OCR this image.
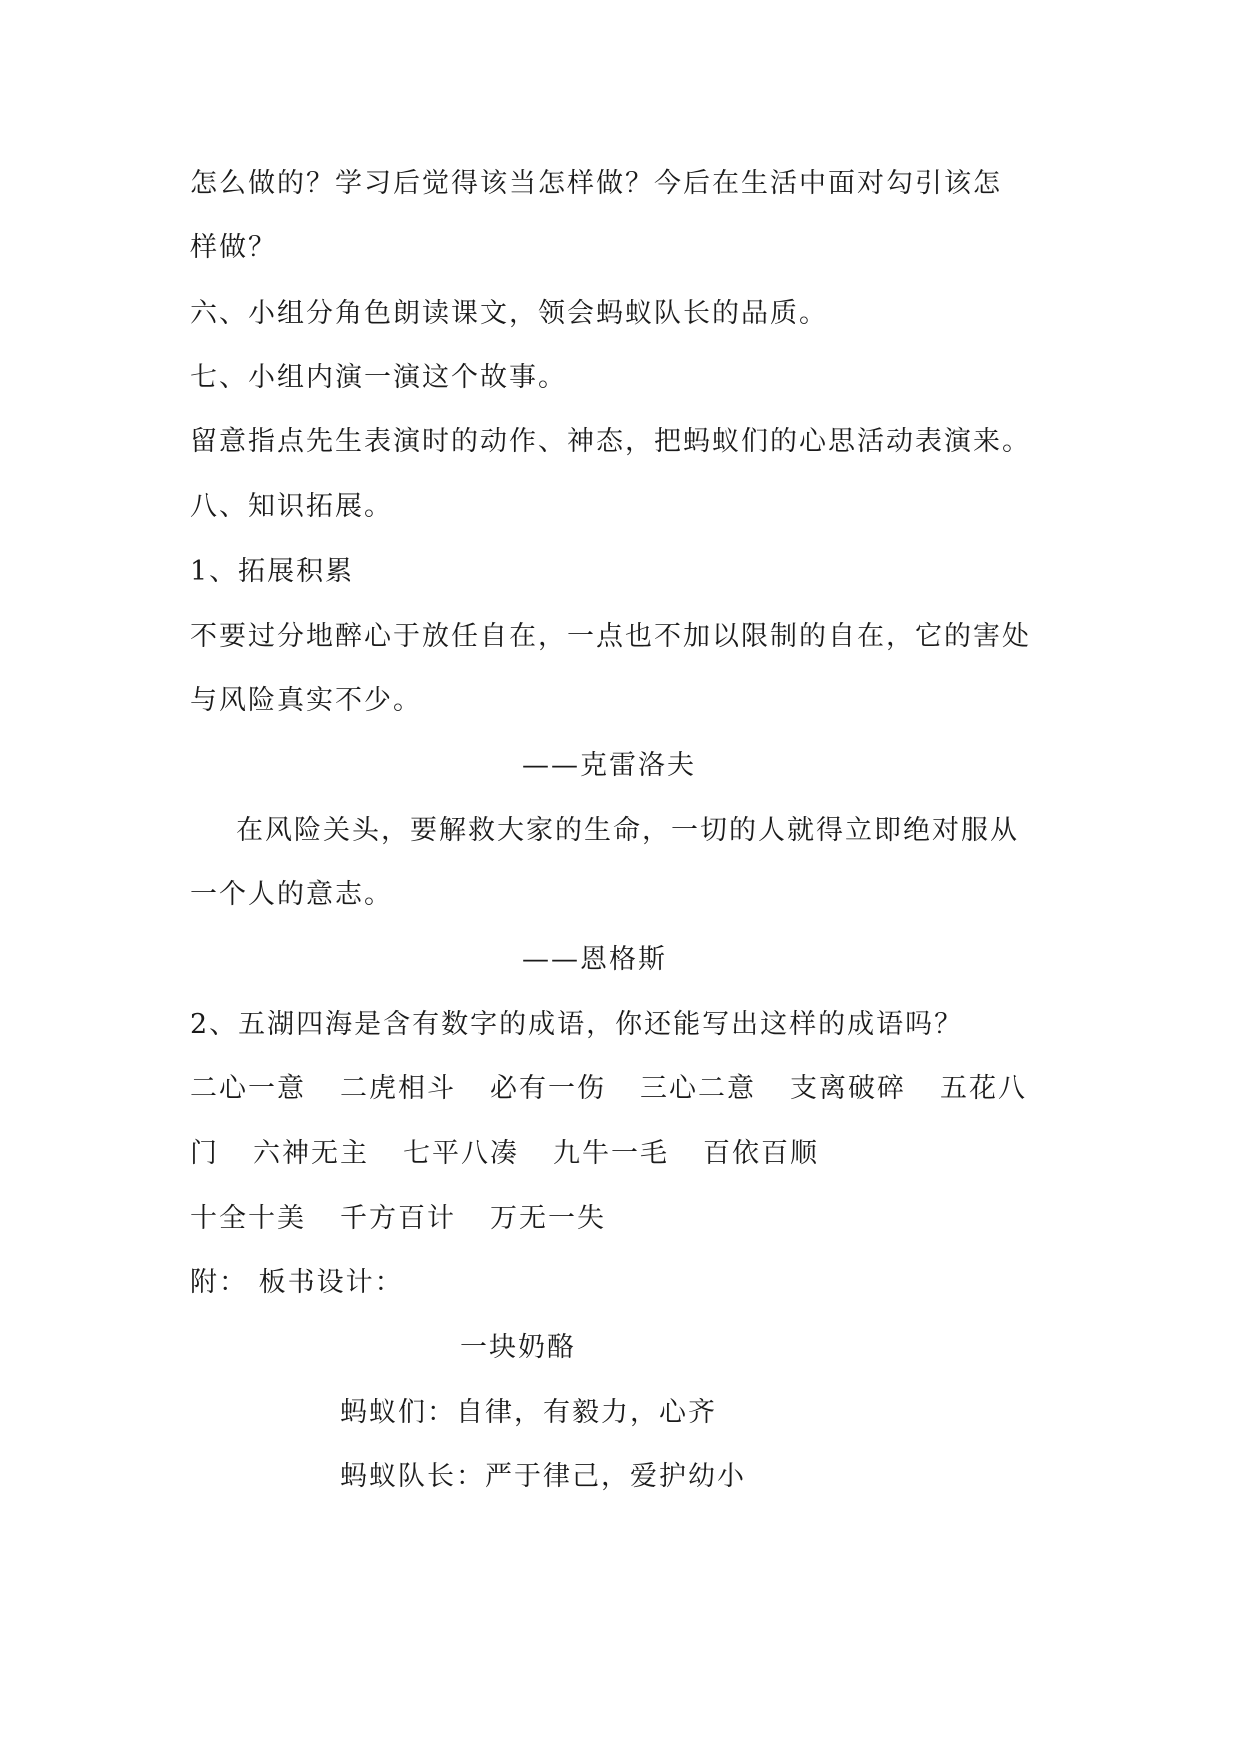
怎么做的？学习后觉得该当怎样做？今后在生活中面对勾引该怎
样做？
六、小组分角色朗读课文，领会蚂蚁队长的品质。
七、小组内演一演这个故事。
留意指点先生表演时的动作、神态，把蚂蚁们的心思活动表演来。
八、知识拓展。
1、拓展积累
不要过分地醉心于放任自在，一点也不加以限制的自在，它的害处
与风险真实不少。
——克雷洛夫
在风险关头，要解救大家的生命，一切的人就得立即绝对服从
一个人的意志。
——恩格斯
2、五湖四海是含有数字的成语，你还能写出这样的成语吗？
二心一意 二虎相斗 必有一伤 三心二意 支离破碎 五花八
门 六神无主 七平八凑 九牛一毛 百依百顺
十全十美 千方百计 万无一失
附： 板书设计：
一块奶酪
蚂蚁们：自律，有毅力，心齐
蚂蚁队长：严于律己，爱护幼小
